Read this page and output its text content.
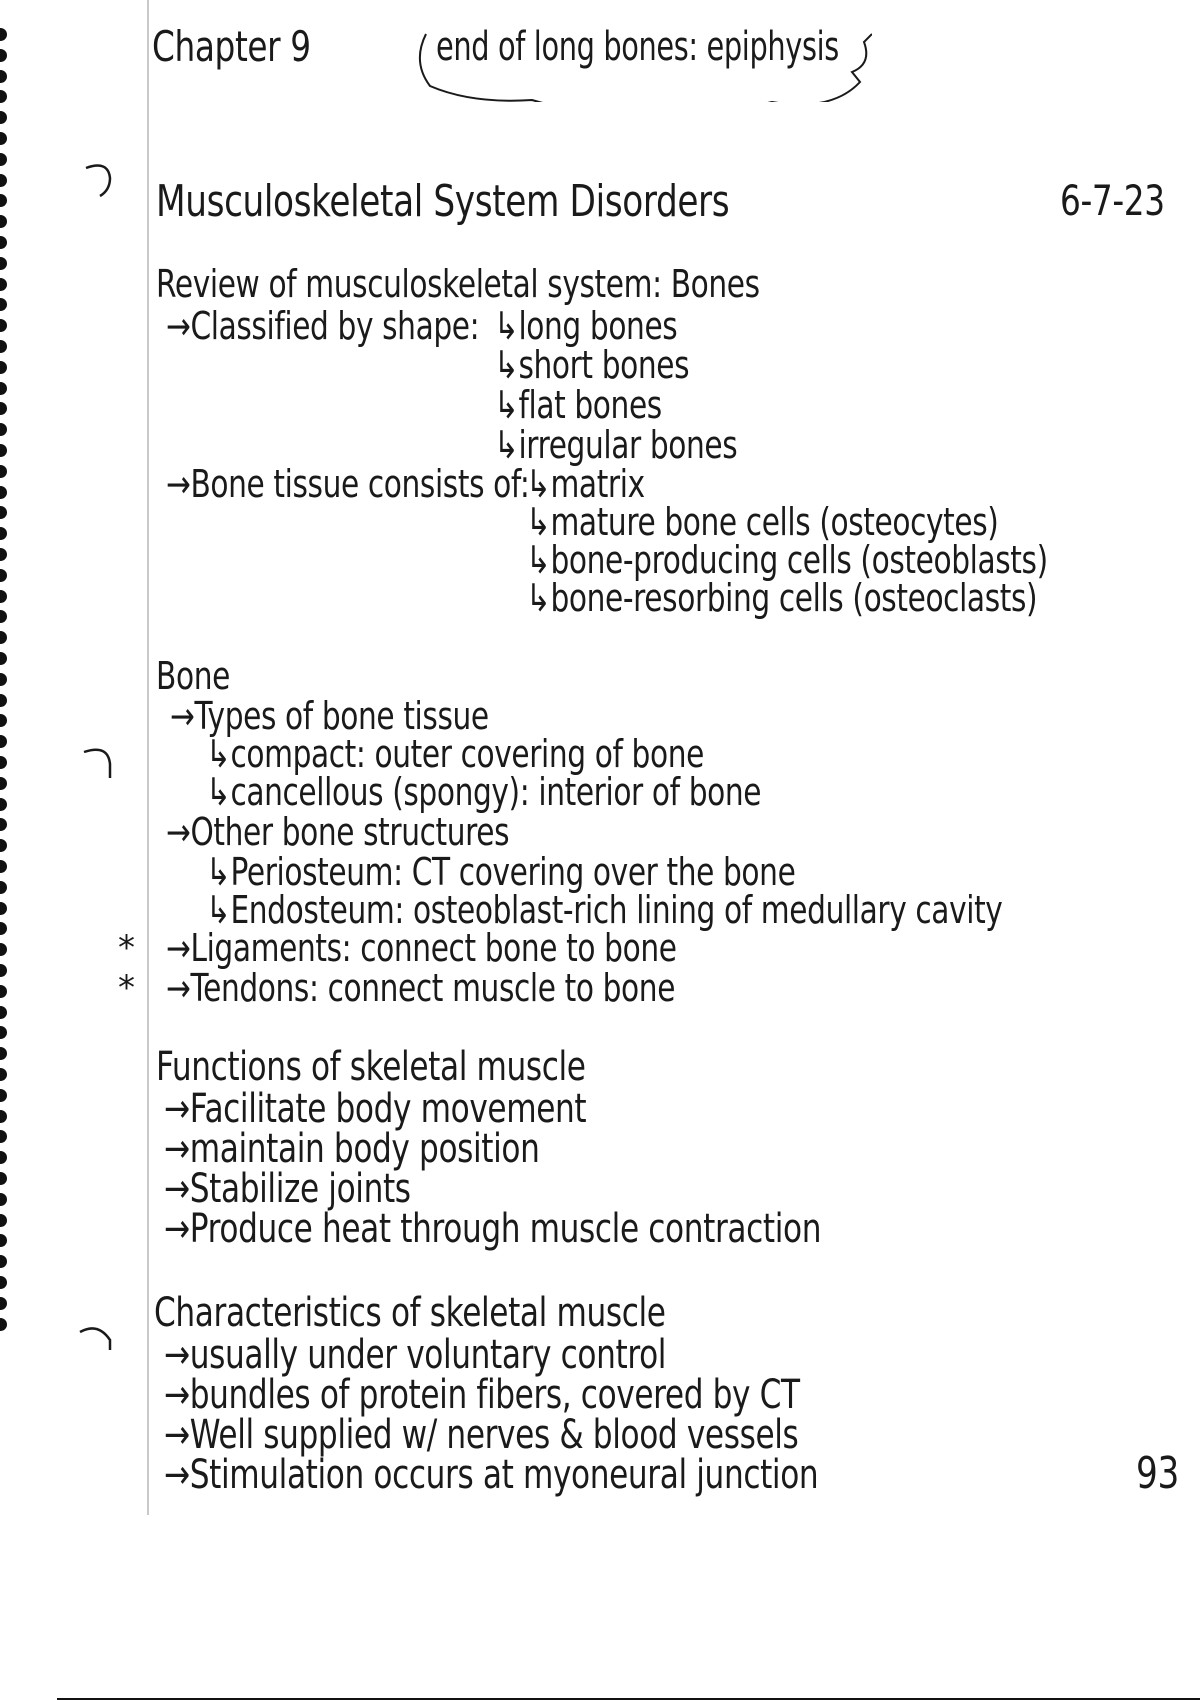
Chapter 9	end of long bones: epiphysis
Musculoskeletal System Disorders	6-7-23
Review of musculoskeletal system: Bones
→Classified by shape: ↳long bones
↳short bones
↳flat bones
↳irregular bones
→Bone tissue consists of:
↳matrix
↳mature bone cells (osteocytes)
↳bone-producing cells (osteoblasts)
↳bone-resorbing cells (osteoclasts)
Bone
→Types of bone tissue
↳compact: outer covering of bone
↳cancellous (spongy): interior of bone
→Other bone structures
↳Periosteum: CT covering over the bone
↳Endosteum: osteoblast-rich lining of medullary cavity
* →Ligaments: connect bone to bone
* →Tendons: connect muscle to bone
Functions of skeletal muscle
→Facilitate body movement
→maintain body position
→Stabilize joints
→Produce heat through muscle contraction
Characteristics of skeletal muscle
→usually under voluntary control
→bundles of protein fibers, covered by CT
→Well supplied w/ nerves & blood vessels
→Stimulation occurs at myoneural junction	93
